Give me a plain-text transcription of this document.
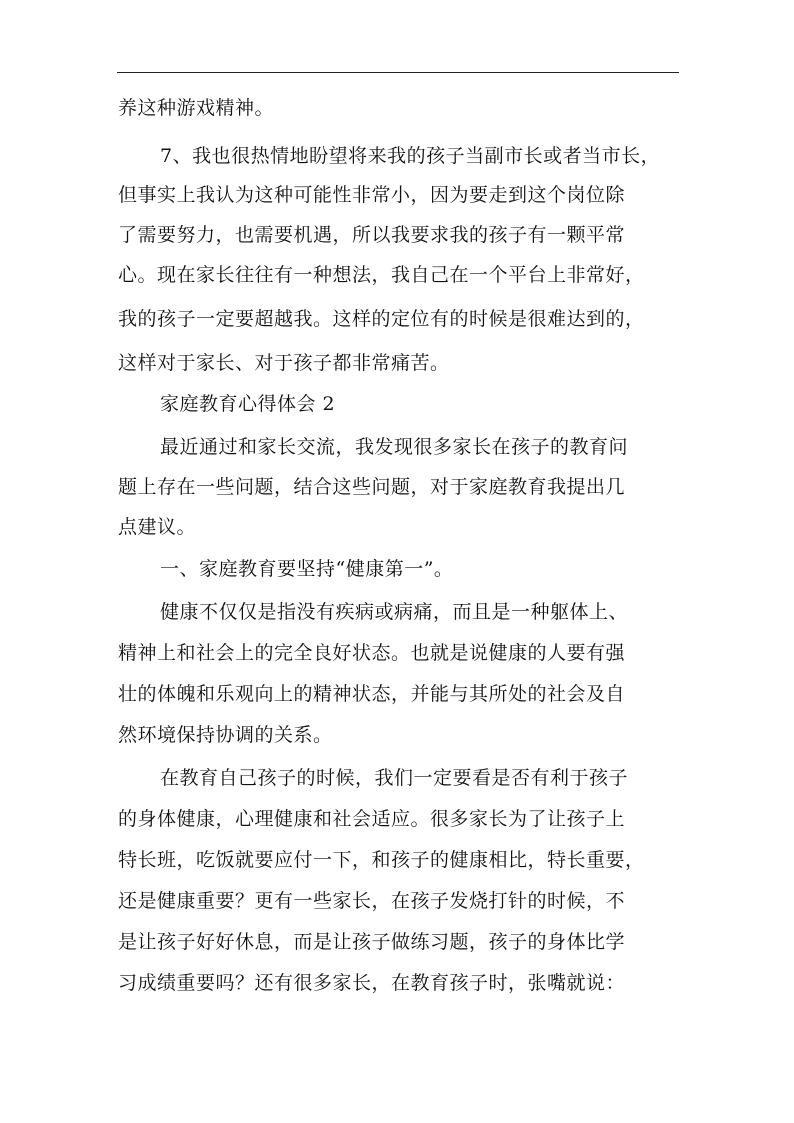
养这种游戏精神。
7、我也很热情地盼望将来我的孩子当副市长或者当市长，
但事实上我认为这种可能性非常小，因为要走到这个岗位除
了需要努力，也需要机遇，所以我要求我的孩子有一颗平常
心。现在家长往往有一种想法，我自己在一个平台上非常好，
我的孩子一定要超越我。这样的定位有的时候是很难达到的，
这样对于家长、对于孩子都非常痛苦。
家庭教育心得体会 2
最近通过和家长交流，我发现很多家长在孩子的教育问
题上存在一些问题，结合这些问题，对于家庭教育我提出几
点建议。
一、家庭教育要坚持“健康第一”。
健康不仅仅是指没有疾病或病痛，而且是一种躯体上、
精神上和社会上的完全良好状态。也就是说健康的人要有强
壮的体魄和乐观向上的精神状态，并能与其所处的社会及自
然环境保持协调的关系。
在教育自己孩子的时候，我们一定要看是否有利于孩子
的身体健康，心理健康和社会适应。很多家长为了让孩子上
特长班，吃饭就要应付一下，和孩子的健康相比，特长重要，
还是健康重要？更有一些家长，在孩子发烧打针的时候，不
是让孩子好好休息，而是让孩子做练习题，孩子的身体比学
习成绩重要吗？还有很多家长，在教育孩子时，张嘴就说：
